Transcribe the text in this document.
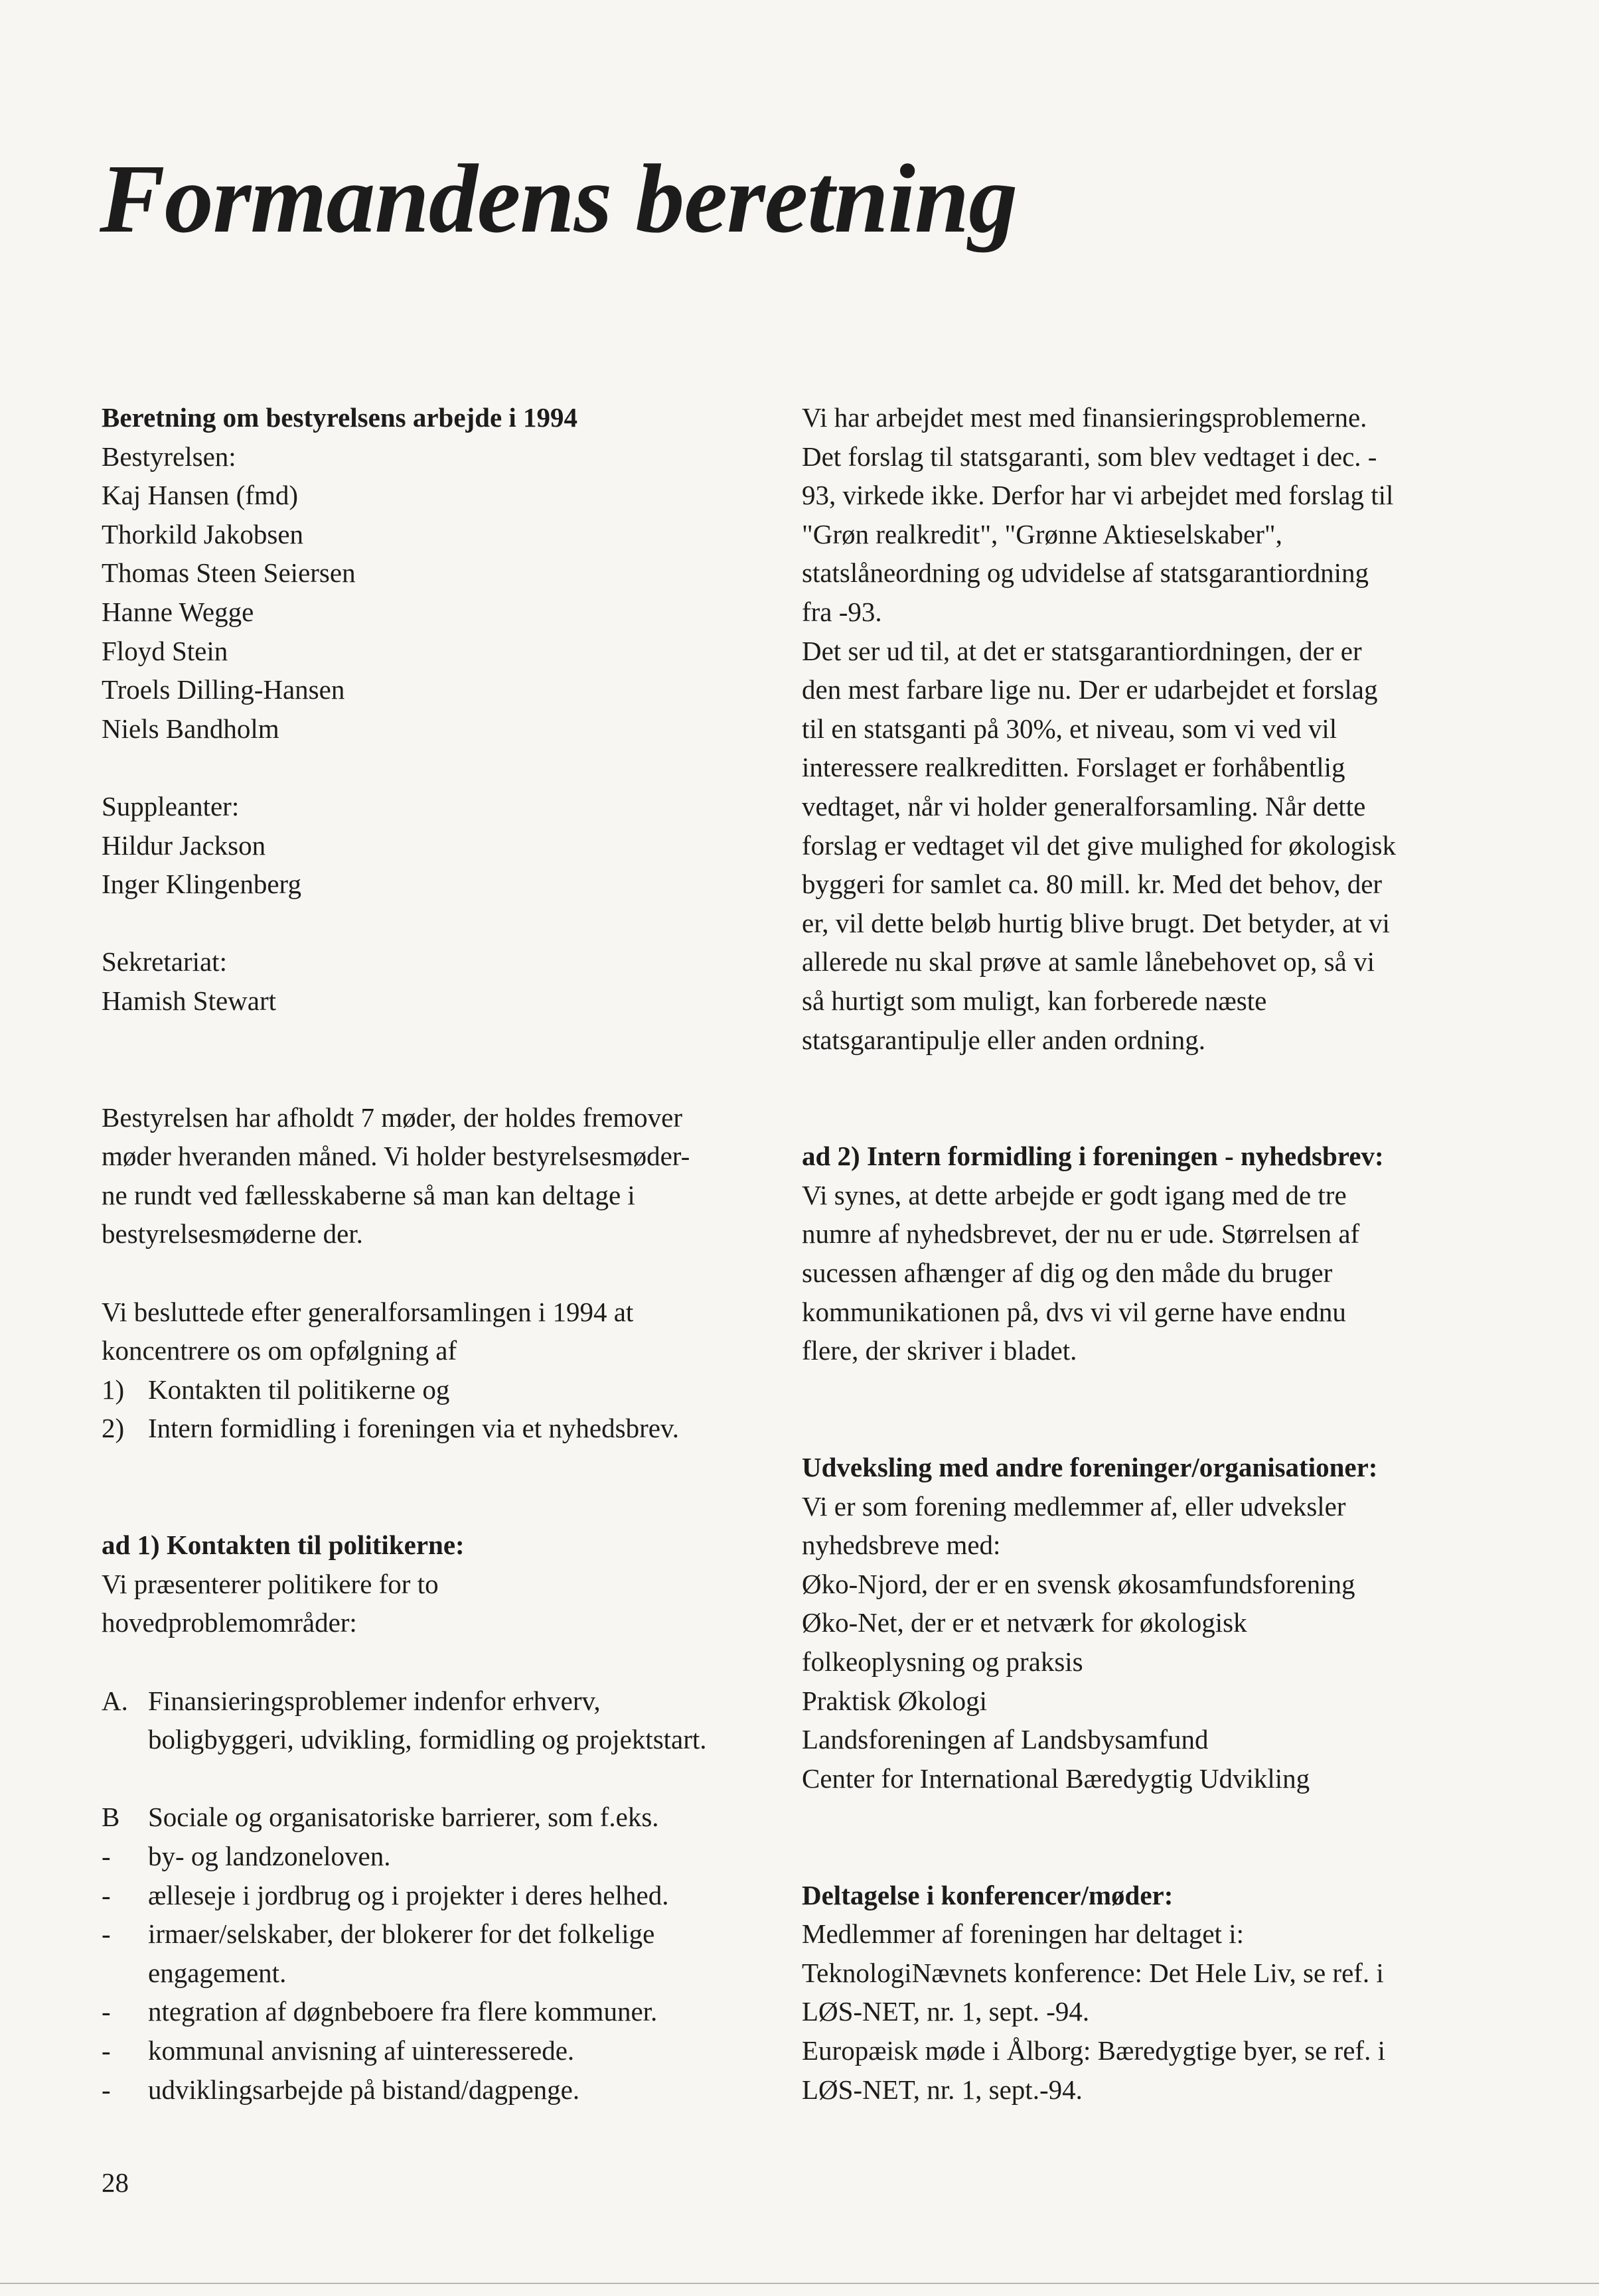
Formandens beretning
Beretning om bestyrelsens arbejde i 1994
Bestyrelsen:
Kaj Hansen (fmd)
Thorkild Jakobsen
Thomas Steen Seiersen
Hanne Wegge
Floyd Stein
Troels Dilling-Hansen
Niels Bandholm
Suppleanter:
Hildur Jackson
Inger Klingenberg
Sekretariat:
Hamish Stewart
Bestyrelsen har afholdt 7 møder, der holdes fremover
møder hveranden måned. Vi holder bestyrelsesmøder-
ne rundt ved fællesskaberne så man kan deltage i
bestyrelsesmøderne der.
Vi besluttede efter generalforsamlingen i 1994 at
koncentrere os om opfølgning af
1) Kontakten til politikerne og
2) Intern formidling i foreningen via et nyhedsbrev.
ad 1) Kontakten til politikerne:
Vi præsenterer politikere for to
hovedproblemområder:
A. Finansieringsproblemer indenfor erhverv,
boligbyggeri, udvikling, formidling og projektstart.
B	Sociale og organisatoriske barrierer, som f.eks.
-	by- og landzoneloven.
-	ælleseje i jordbrug og i projekter i deres helhed.
-	irmaer/selskaber, der blokerer for det folkelige engagement.
-	ntegration af døgnbeboere fra flere kommuner.
-	kommunal anvisning af uinteresserede.
-	udviklingsarbejde på bistand/dagpenge.
Vi har arbejdet mest med finansieringsproblemerne.
Det forslag til statsgaranti, som blev vedtaget i dec. -
93, virkede ikke. Derfor har vi arbejdet med forslag til
"Grøn realkredit", "Grønne Aktieselskaber",
statslåneordning og udvidelse af statsgarantiordning
fra -93.
Det ser ud til, at det er statsgarantiordningen, der er
den mest farbare lige nu. Der er udarbejdet et forslag
til en statsganti på 30%, et niveau, som vi ved vil
interessere realkreditten. Forslaget er forhåbentlig
vedtaget, når vi holder generalforsamling. Når dette
forslag er vedtaget vil det give mulighed for økologisk
byggeri for samlet ca. 80 mill. kr. Med det behov, der
er, vil dette beløb hurtig blive brugt. Det betyder, at vi
allerede nu skal prøve at samle lånebehovet op, så vi
så hurtigt som muligt, kan forberede næste
statsgarantipulje eller anden ordning.
ad 2) Intern formidling i foreningen - nyhedsbrev:
Vi synes, at dette arbejde er godt igang med de tre
numre af nyhedsbrevet, der nu er ude. Størrelsen af
sucessen afhænger af dig og den måde du bruger
kommunikationen på, dvs vi vil gerne have endnu
flere, der skriver i bladet.
Udveksling med andre foreninger/organisationer:
Vi er som forening medlemmer af, eller udveksler
nyhedsbreve med:
Øko-Njord, der er en svensk økosamfundsforening
Øko-Net, der er et netværk for økologisk
folkeoplysning og praksis
Praktisk Økologi
Landsforeningen af Landsbysamfund
Center for International Bæredygtig Udvikling
Deltagelse i konferencer/møder:
Medlemmer af foreningen har deltaget i:
TeknologiNævnets konference: Det Hele Liv, se ref. i
LØS-NET, nr. 1, sept. -94.
Europæisk møde i Ålborg: Bæredygtige byer, se ref. i
LØS-NET, nr. 1, sept.-94.
28
